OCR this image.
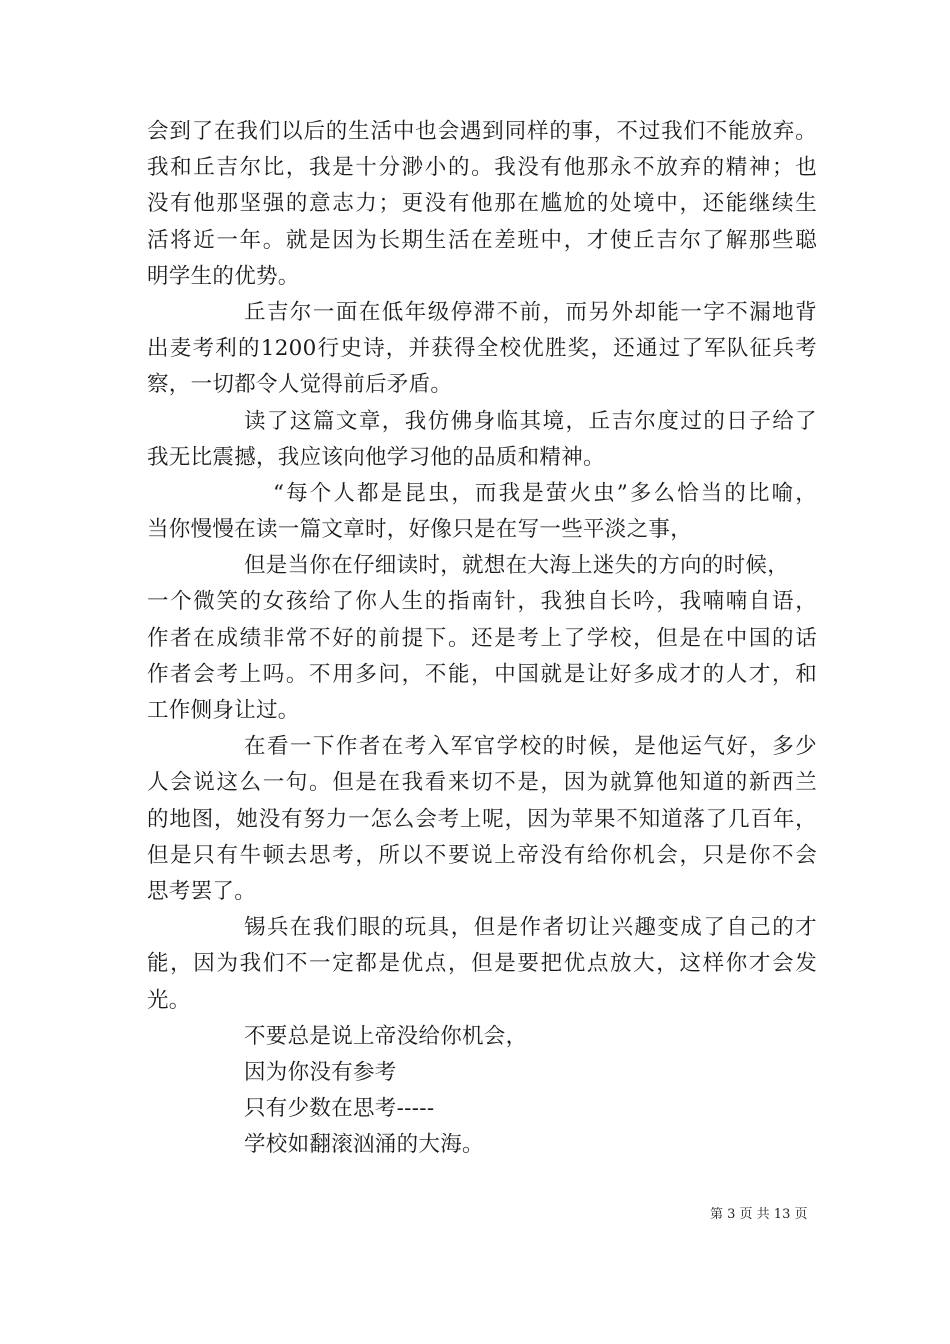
会到了在我们以后的生活中也会遇到同样的事，不过我们不能放弃。
我和丘吉尔比，我是十分渺小的。我没有他那永不放弃的精神；也
没有他那坚强的意志力；更没有他那在尴尬的处境中，还能继续生
活将近一年。就是因为长期生活在差班中，才使丘吉尔了解那些聪
明学生的优势。
丘吉尔一面在低年级停滞不前，而另外却能一字不漏地背
出麦考利的1200行史诗，并获得全校优胜奖，还通过了军队征兵考
察，一切都令人觉得前后矛盾。
读了这篇文章，我仿佛身临其境，丘吉尔度过的日子给了
我无比震撼，我应该向他学习他的品质和精神。
“每个人都是昆虫，而我是萤火虫”多么恰当的比喻，
当你慢慢在读一篇文章时，好像只是在写一些平淡之事，
但是当你在仔细读时，就想在大海上迷失的方向的时候，
一个微笑的女孩给了你人生的指南针，我独自长吟，我喃喃自语，
作者在成绩非常不好的前提下。还是考上了学校，但是在中国的话
作者会考上吗。不用多问，不能，中国就是让好多成才的人才，和
工作侧身让过。
在看一下作者在考入军官学校的时候，是他运气好，多少
人会说这么一句。但是在我看来切不是，因为就算他知道的新西兰
的地图，她没有努力一怎么会考上呢，因为苹果不知道落了几百年，
但是只有牛顿去思考，所以不要说上帝没有给你机会，只是你不会
思考罢了。
锡兵在我们眼的玩具，但是作者切让兴趣变成了自己的才
能，因为我们不一定都是优点，但是要把优点放大，这样你才会发
光。
不要总是说上帝没给你机会，
因为你没有参考
只有少数在思考-----
学校如翻滚汹涌的大海。
第 3 页 共 13 页
